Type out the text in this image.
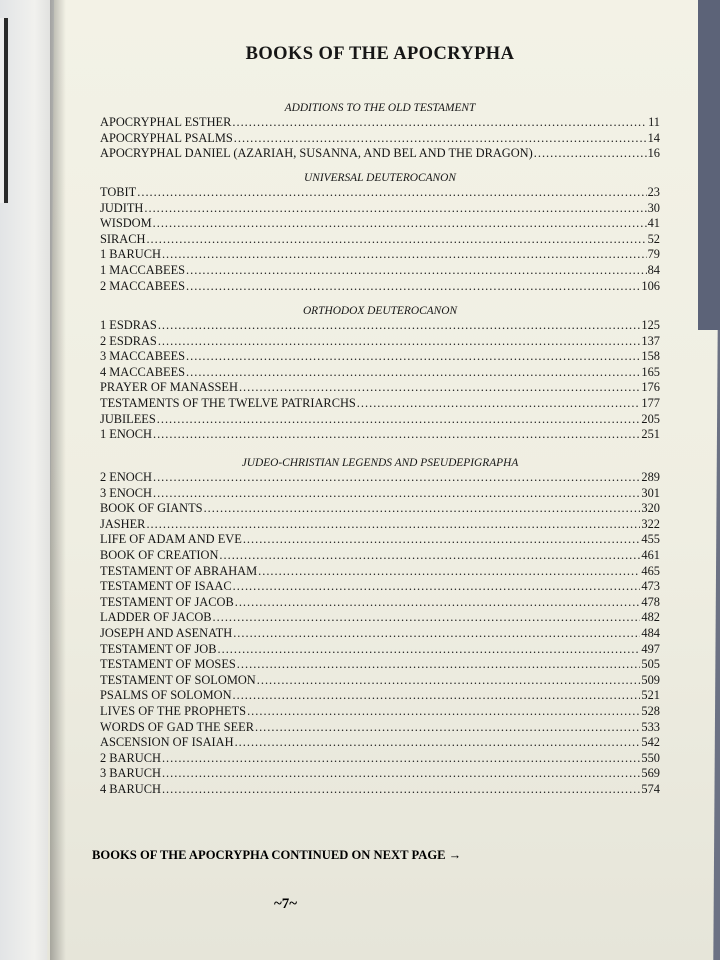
BOOKS OF THE APOCRYPHA
ADDITIONS TO THE OLD TESTAMENT
APOCRYPHAL ESTHER .....	11
APOCRYPHAL PSALMS .....	14
APOCRYPHAL DANIEL (AZARIAH, SUSANNA, AND BEL AND THE DRAGON) .....	16
UNIVERSAL DEUTEROCANON
TOBIT .....	23
JUDITH .....	30
WISDOM .....	41
SIRACH .....	52
1 BARUCH .....	79
1 MACCABEES .....	84
2 MACCABEES .....	106
ORTHODOX DEUTEROCANON
1 ESDRAS .....	125
2 ESDRAS .....	137
3 MACCABEES .....	158
4 MACCABEES .....	165
PRAYER OF MANASSEH .....	176
TESTAMENTS OF THE TWELVE PATRIARCHS .....	177
JUBILEES .....	205
1 ENOCH .....	251
JUDEO-CHRISTIAN LEGENDS AND PSEUDEPIGRAPHA
2 ENOCH .....	289
3 ENOCH .....	301
BOOK OF GIANTS .....	320
JASHER .....	322
LIFE OF ADAM AND EVE .....	455
BOOK OF CREATION .....	461
TESTAMENT OF ABRAHAM .....	465
TESTAMENT OF ISAAC .....	473
TESTAMENT OF JACOB .....	478
LADDER OF JACOB .....	482
JOSEPH AND ASENATH .....	484
TESTAMENT OF JOB .....	497
TESTAMENT OF MOSES .....	505
TESTAMENT OF SOLOMON .....	509
PSALMS OF SOLOMON .....	521
LIVES OF THE PROPHETS .....	528
WORDS OF GAD THE SEER .....	533
ASCENSION OF ISAIAH .....	542
2 BARUCH .....	550
3 BARUCH .....	569
4 BARUCH .....	574
BOOKS OF THE APOCRYPHA CONTINUED ON NEXT PAGE →
~7~
